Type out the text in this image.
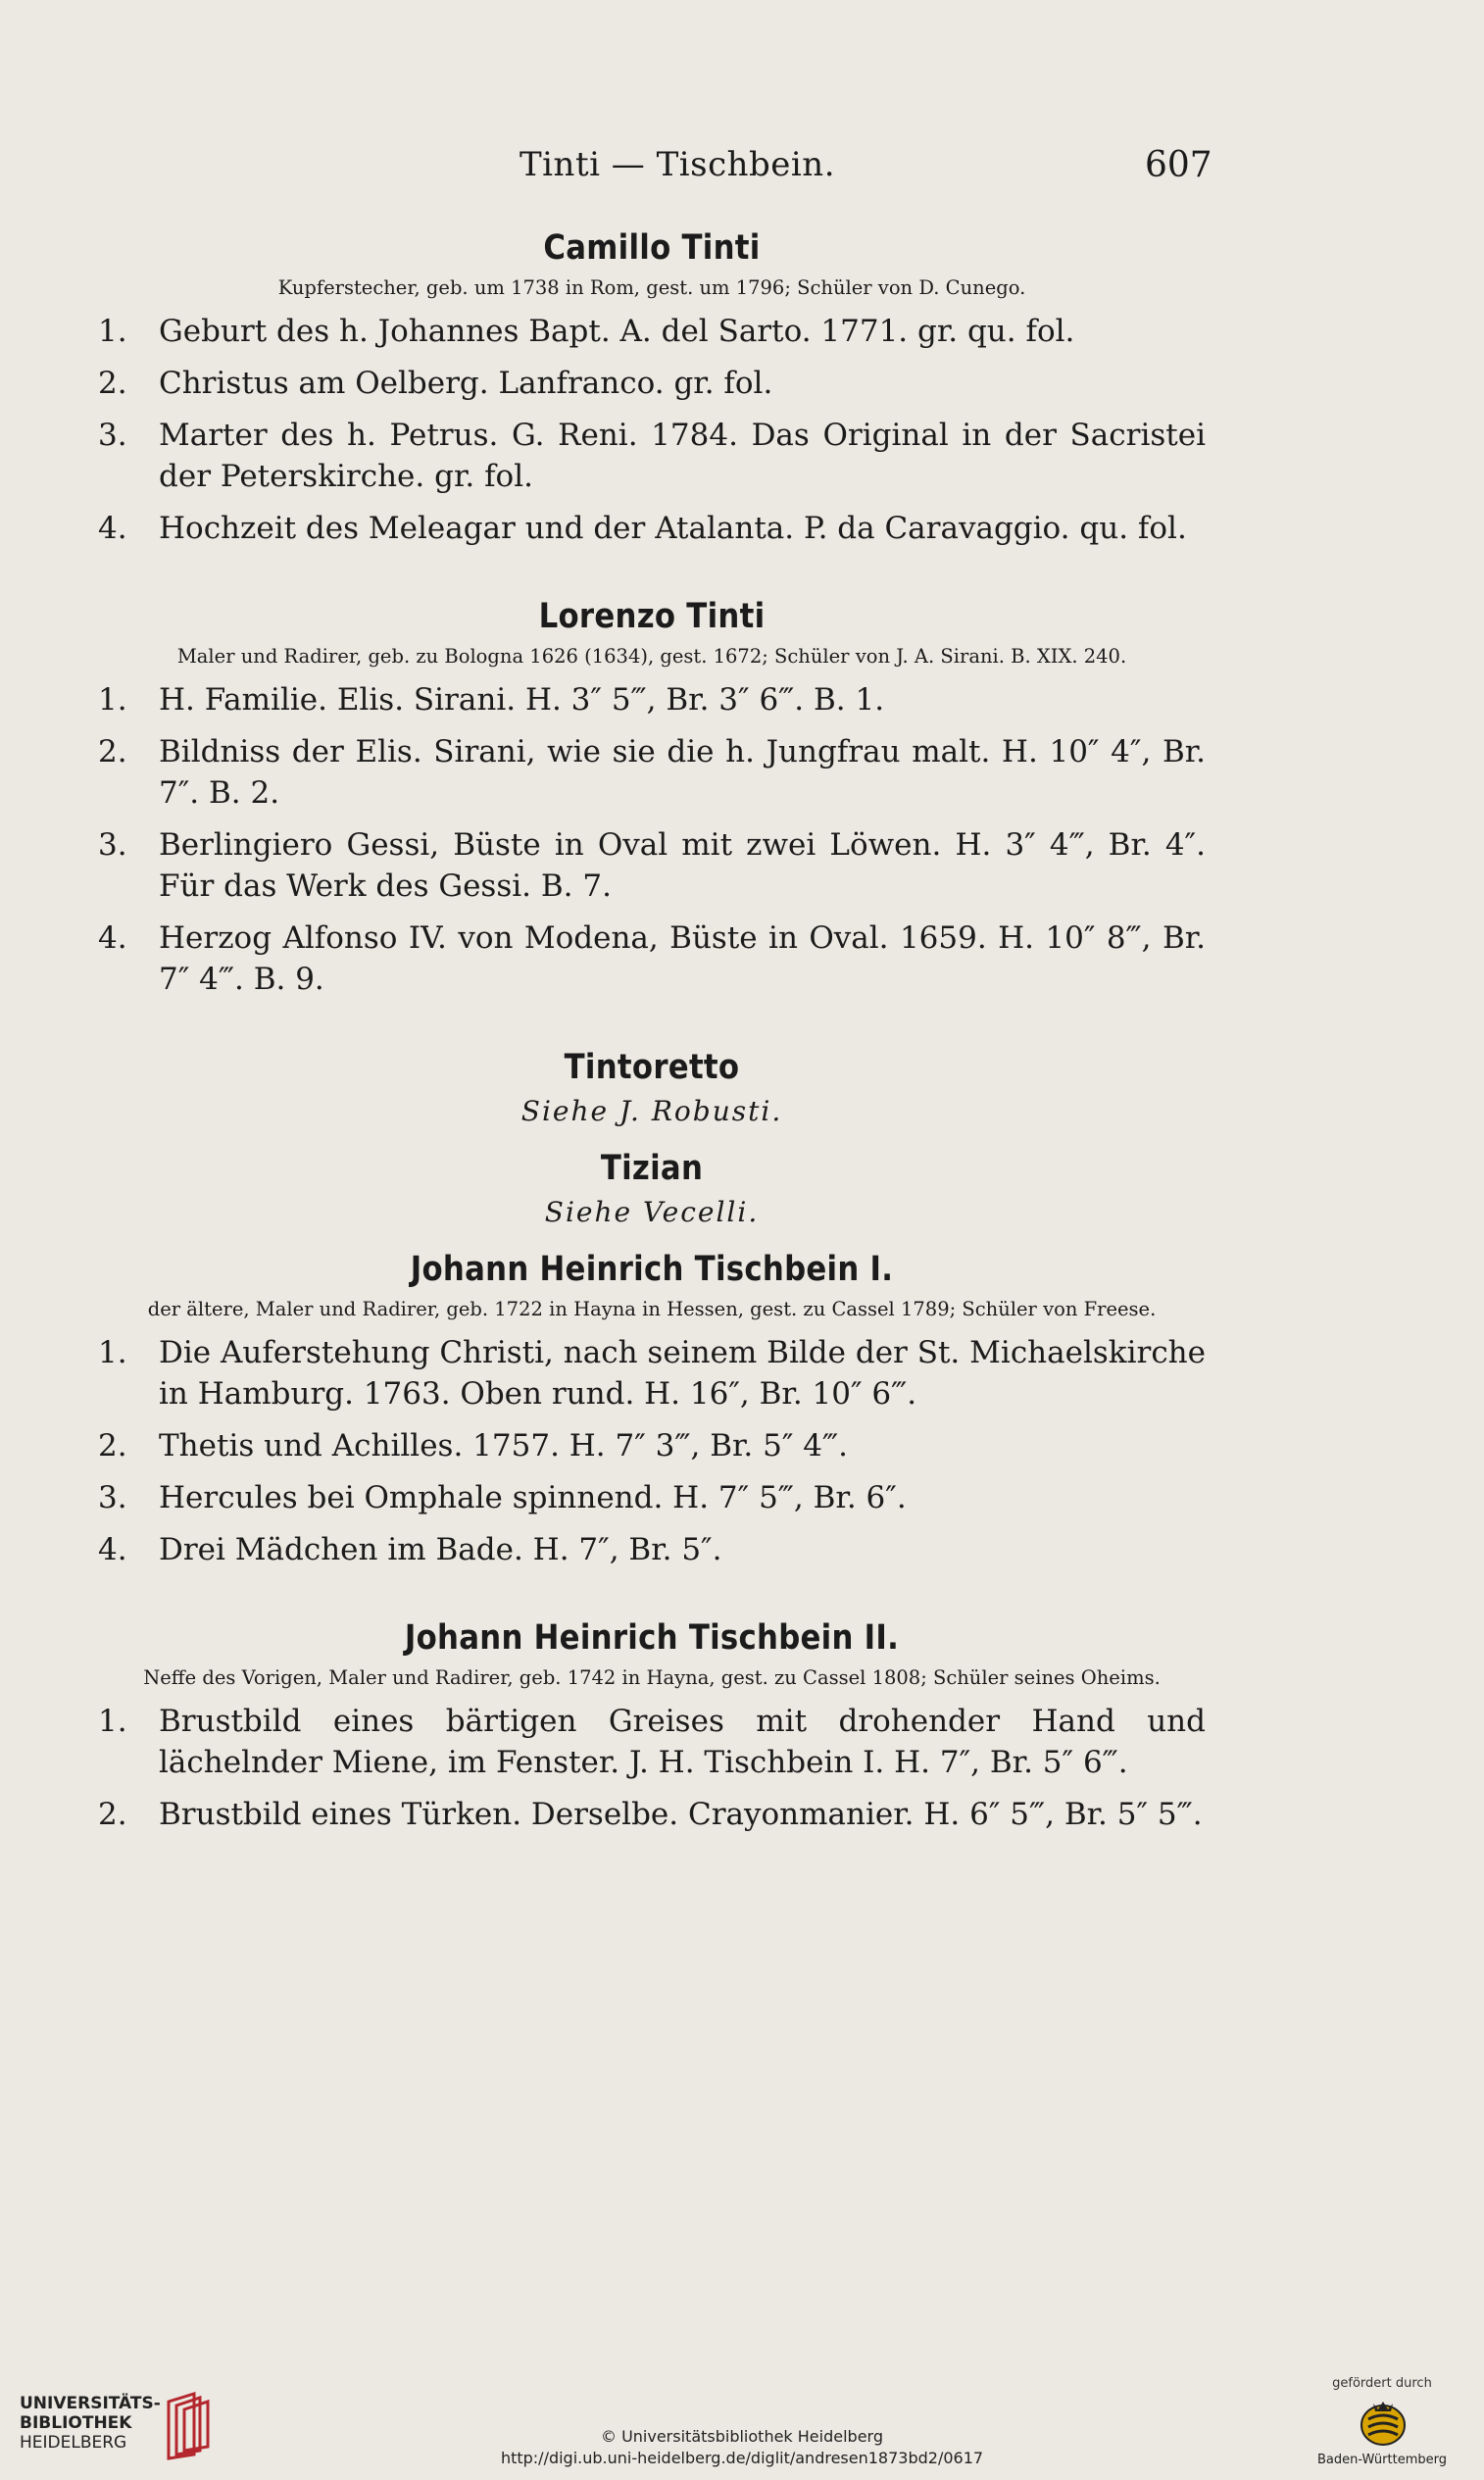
Tinti — Tischbein.	607
Camillo Tinti
Kupferstecher, geb. um 1738 in Rom, gest. um 1796; Schüler von D. Cunego.
1.	Geburt des h. Johannes Bapt. A. del Sarto. 1771. gr. qu. fol.
2.	Christus am Oelberg. Lanfranco. gr. fol.
3.	Marter des h. Petrus. G. Reni. 1784. Das Original in der Sacristei der Peterskirche. gr. fol.
4.	Hochzeit des Meleagar und der Atalanta. P. da Caravaggio. qu. fol.
Lorenzo Tinti
Maler und Radirer, geb. zu Bologna 1626 (1634), gest. 1672; Schüler von J. A. Sirani. B. XIX. 240.
1.	H. Familie. Elis. Sirani. H. 3″ 5‴, Br. 3″ 6‴. B. 1.
2.	Bildniss der Elis. Sirani, wie sie die h. Jungfrau malt. H. 10″ 4″, Br. 7″. B. 2.
3.	Berlingiero Gessi, Büste in Oval mit zwei Löwen. H. 3″ 4‴, Br. 4″. Für das Werk des Gessi. B. 7.
4.	Herzog Alfonso IV. von Modena, Büste in Oval. 1659. H. 10″ 8‴, Br. 7″ 4‴. B. 9.
Tintoretto
Siehe J. Robusti.
Tizian
Siehe Vecelli.
Johann Heinrich Tischbein I.
der ältere, Maler und Radirer, geb. 1722 in Hayna in Hessen, gest. zu Cassel 1789; Schüler von Freese.
1.	Die Auferstehung Christi, nach seinem Bilde der St. Michaelskirche in Hamburg. 1763. Oben rund. H. 16″, Br. 10″ 6‴.
2.	Thetis und Achilles. 1757. H. 7″ 3‴, Br. 5″ 4‴.
3.	Hercules bei Omphale spinnend. H. 7″ 5‴, Br. 6″.
4.	Drei Mädchen im Bade. H. 7″, Br. 5″.
Johann Heinrich Tischbein II.
Neffe des Vorigen, Maler und Radirer, geb. 1742 in Hayna, gest. zu Cassel 1808; Schüler seines Oheims.
1.	Brustbild eines bärtigen Greises mit drohender Hand und lächelnder Miene, im Fenster. J. H. Tischbein I. H. 7″, Br. 5″ 6‴.
2.	Brustbild eines Türken. Derselbe. Crayonmanier. H. 6″ 5‴, Br. 5″ 5‴.
UNIVERSITÄTS-
BIBLIOTHEK
HEIDELBERG	© Universitätsbibliothek Heidelberg
http://digi.ub.uni-heidelberg.de/diglit/andresen1873bd2/0617
gefördert durch
Baden-Württemberg
